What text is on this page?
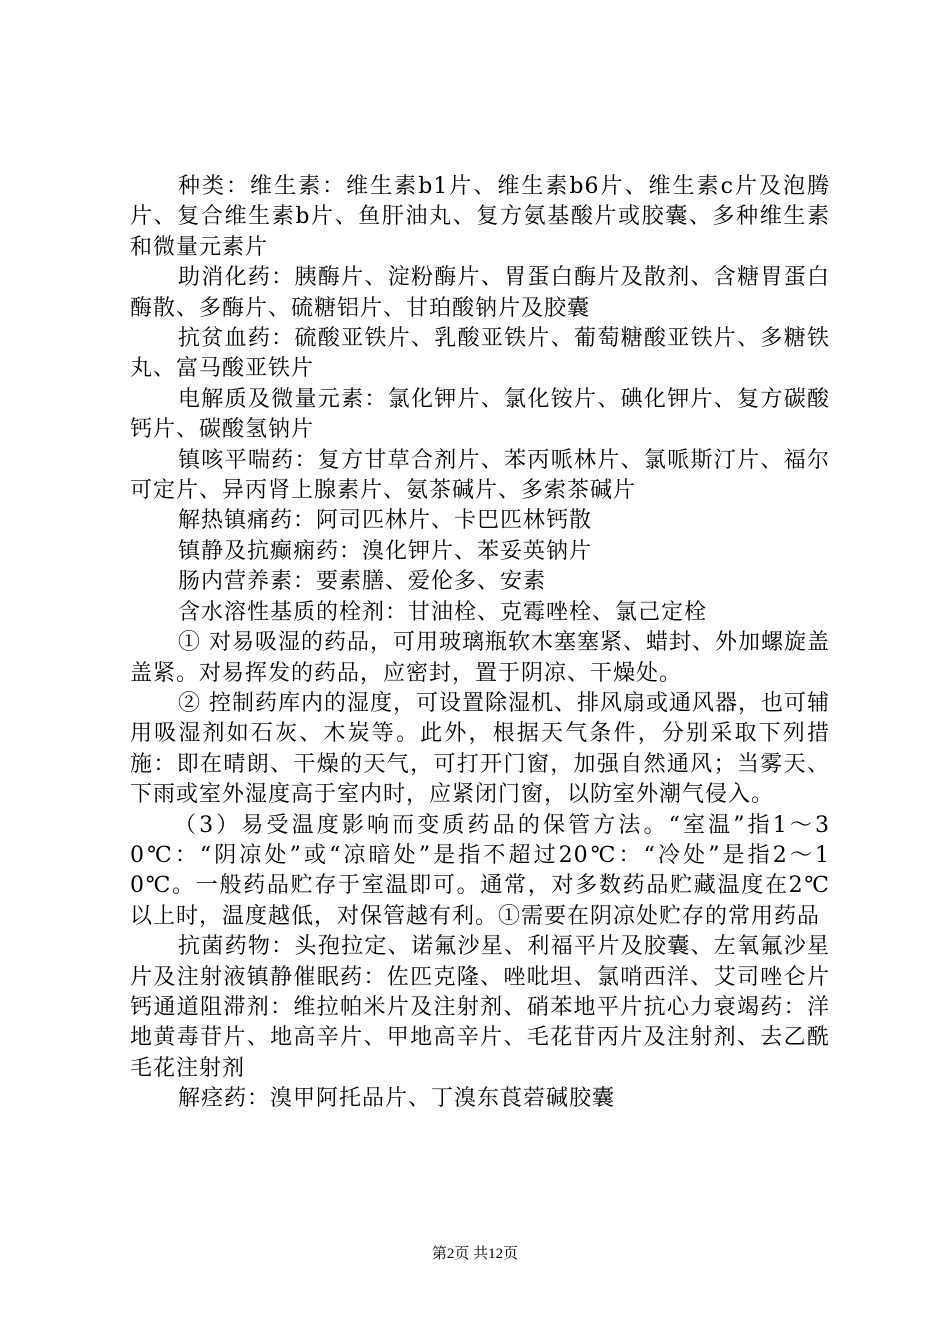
种类：维生素：维生素b1片、维生素b6片、维生素c片及泡腾片、复合维生素b片、鱼肝油丸、复方氨基酸片或胶囊、多种维生素和微量元素片

助消化药：胰酶片、淀粉酶片、胃蛋白酶片及散剂、含糖胃蛋白酶散、多酶片、硫糖铝片、甘珀酸钠片及胶囊

抗贫血药：硫酸亚铁片、乳酸亚铁片、葡萄糖酸亚铁片、多糖铁丸、富马酸亚铁片

电解质及微量元素：氯化钾片、氯化铵片、碘化钾片、复方碳酸钙片、碳酸氢钠片

镇咳平喘药：复方甘草合剂片、苯丙哌林片、氯哌斯汀片、福尔可定片、异丙肾上腺素片、氨茶碱片、多索茶碱片

解热镇痛药：阿司匹林片、卡巴匹林钙散

镇静及抗癫痫药：溴化钾片、苯妥英钠片

肠内营养素：要素膳、爱伦多、安素

含水溶性基质的栓剂：甘油栓、克霉唑栓、氯己定栓

① 对易吸湿的药品，可用玻璃瓶软木塞塞紧、蜡封、外加螺旋盖盖紧。对易挥发的药品，应密封，置于阴凉、干燥处。

② 控制药库内的湿度，可设置除湿机、排风扇或通风器，也可辅用吸湿剂如石灰、木炭等。此外，根据天气条件，分别采取下列措施：即在晴朗、干燥的天气，可打开门窗，加强自然通风；当雾天、下雨或室外湿度高于室内时，应紧闭门窗，以防室外潮气侵入。

（3）易受温度影响而变质药品的保管方法。“室温”指1～30℃：“阴凉处”或“凉暗处”是指不超过20℃：“冷处”是指2～10℃。一般药品贮存于室温即可。通常，对多数药品贮藏温度在2℃以上时，温度越低，对保管越有利。①需要在阴凉处贮存的常用药品

抗菌药物：头孢拉定、诺氟沙星、利福平片及胶囊、左氧氟沙星片及注射液镇静催眠药：佐匹克隆、唑吡坦、氯哨西洋、艾司唑仑片钙通道阻滞剂：维拉帕米片及注射剂、硝苯地平片抗心力衰竭药：洋地黄毒苷片、地高辛片、甲地高辛片、毛花苷丙片及注射剂、去乙酰毛花注射剂

解痉药：溴甲阿托品片、丁溴东莨菪碱胶囊

第2页 共12页
